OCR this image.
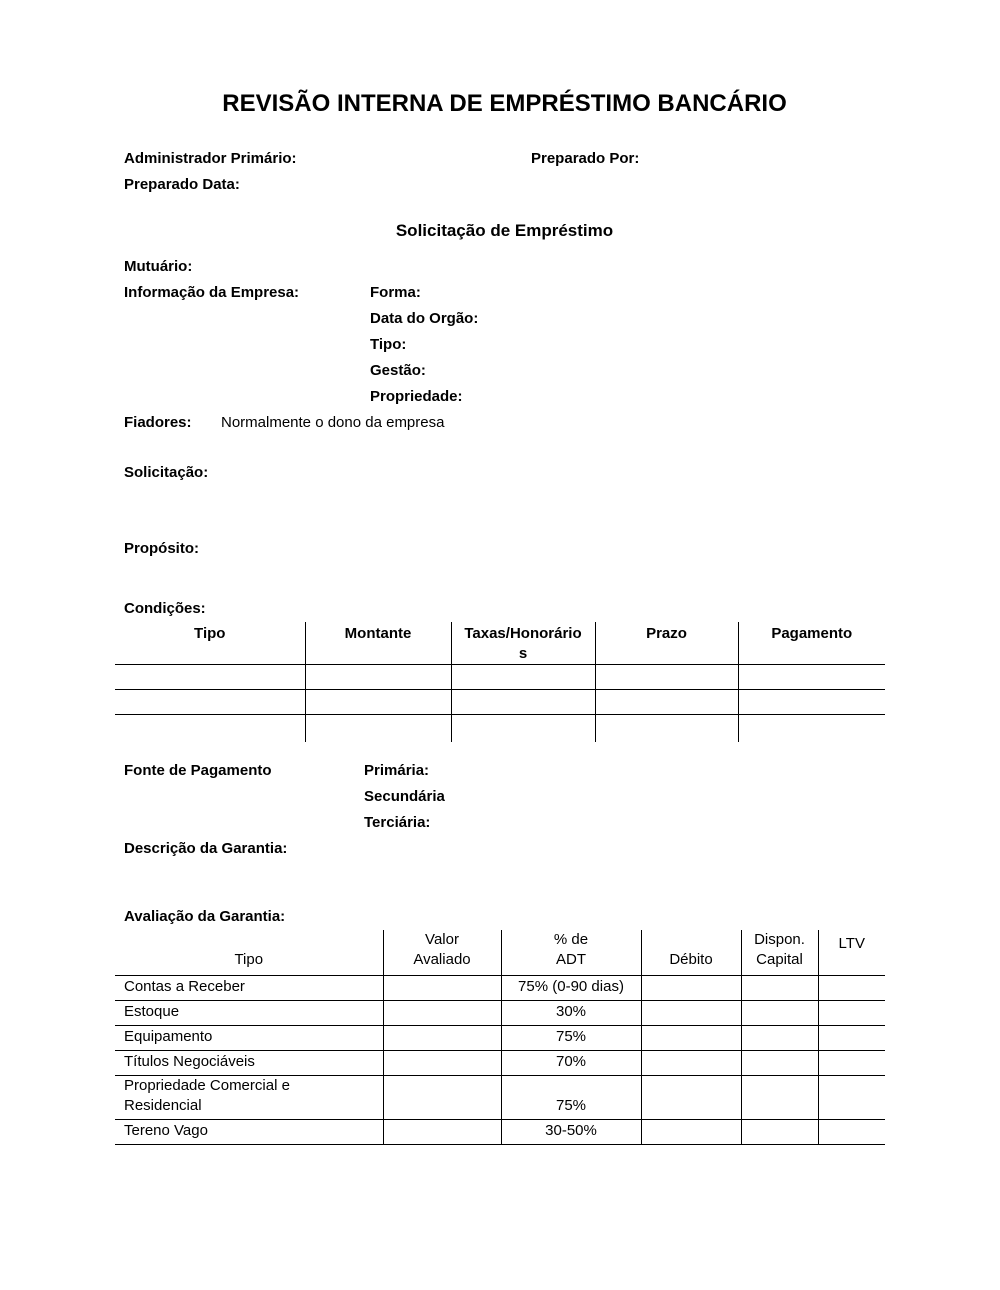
REVISÃO INTERNA DE EMPRÉSTIMO BANCÁRIO
Administrador Primário:	Preparado Por:
Preparado Data:
Solicitação de Empréstimo
Mutuário:
Informação da Empresa:	Forma:
Data do Orgão:
Tipo:
Gestão:
Propriedade:
Fiadores: Normalmente o dono da empresa
Solicitação:
Propósito:
Condições:
Tipo	Montante	Taxas/Honorários	Prazo	Pagamento

Fonte de Pagamento	Primária:
Secundária
Terciária:
Descrição da Garantia:
Avaliação da Garantia:
Tipo	Valor Avaliado	% de ADT	Débito	Dispon. Capital	LTV
Contas a Receber		75% (0-90 dias)			
Estoque		30%			
Equipamento		75%			
Títulos Negociáveis		70%			
Propriedade Comercial e Residencial		75%			
Tereno Vago		30-50%			
